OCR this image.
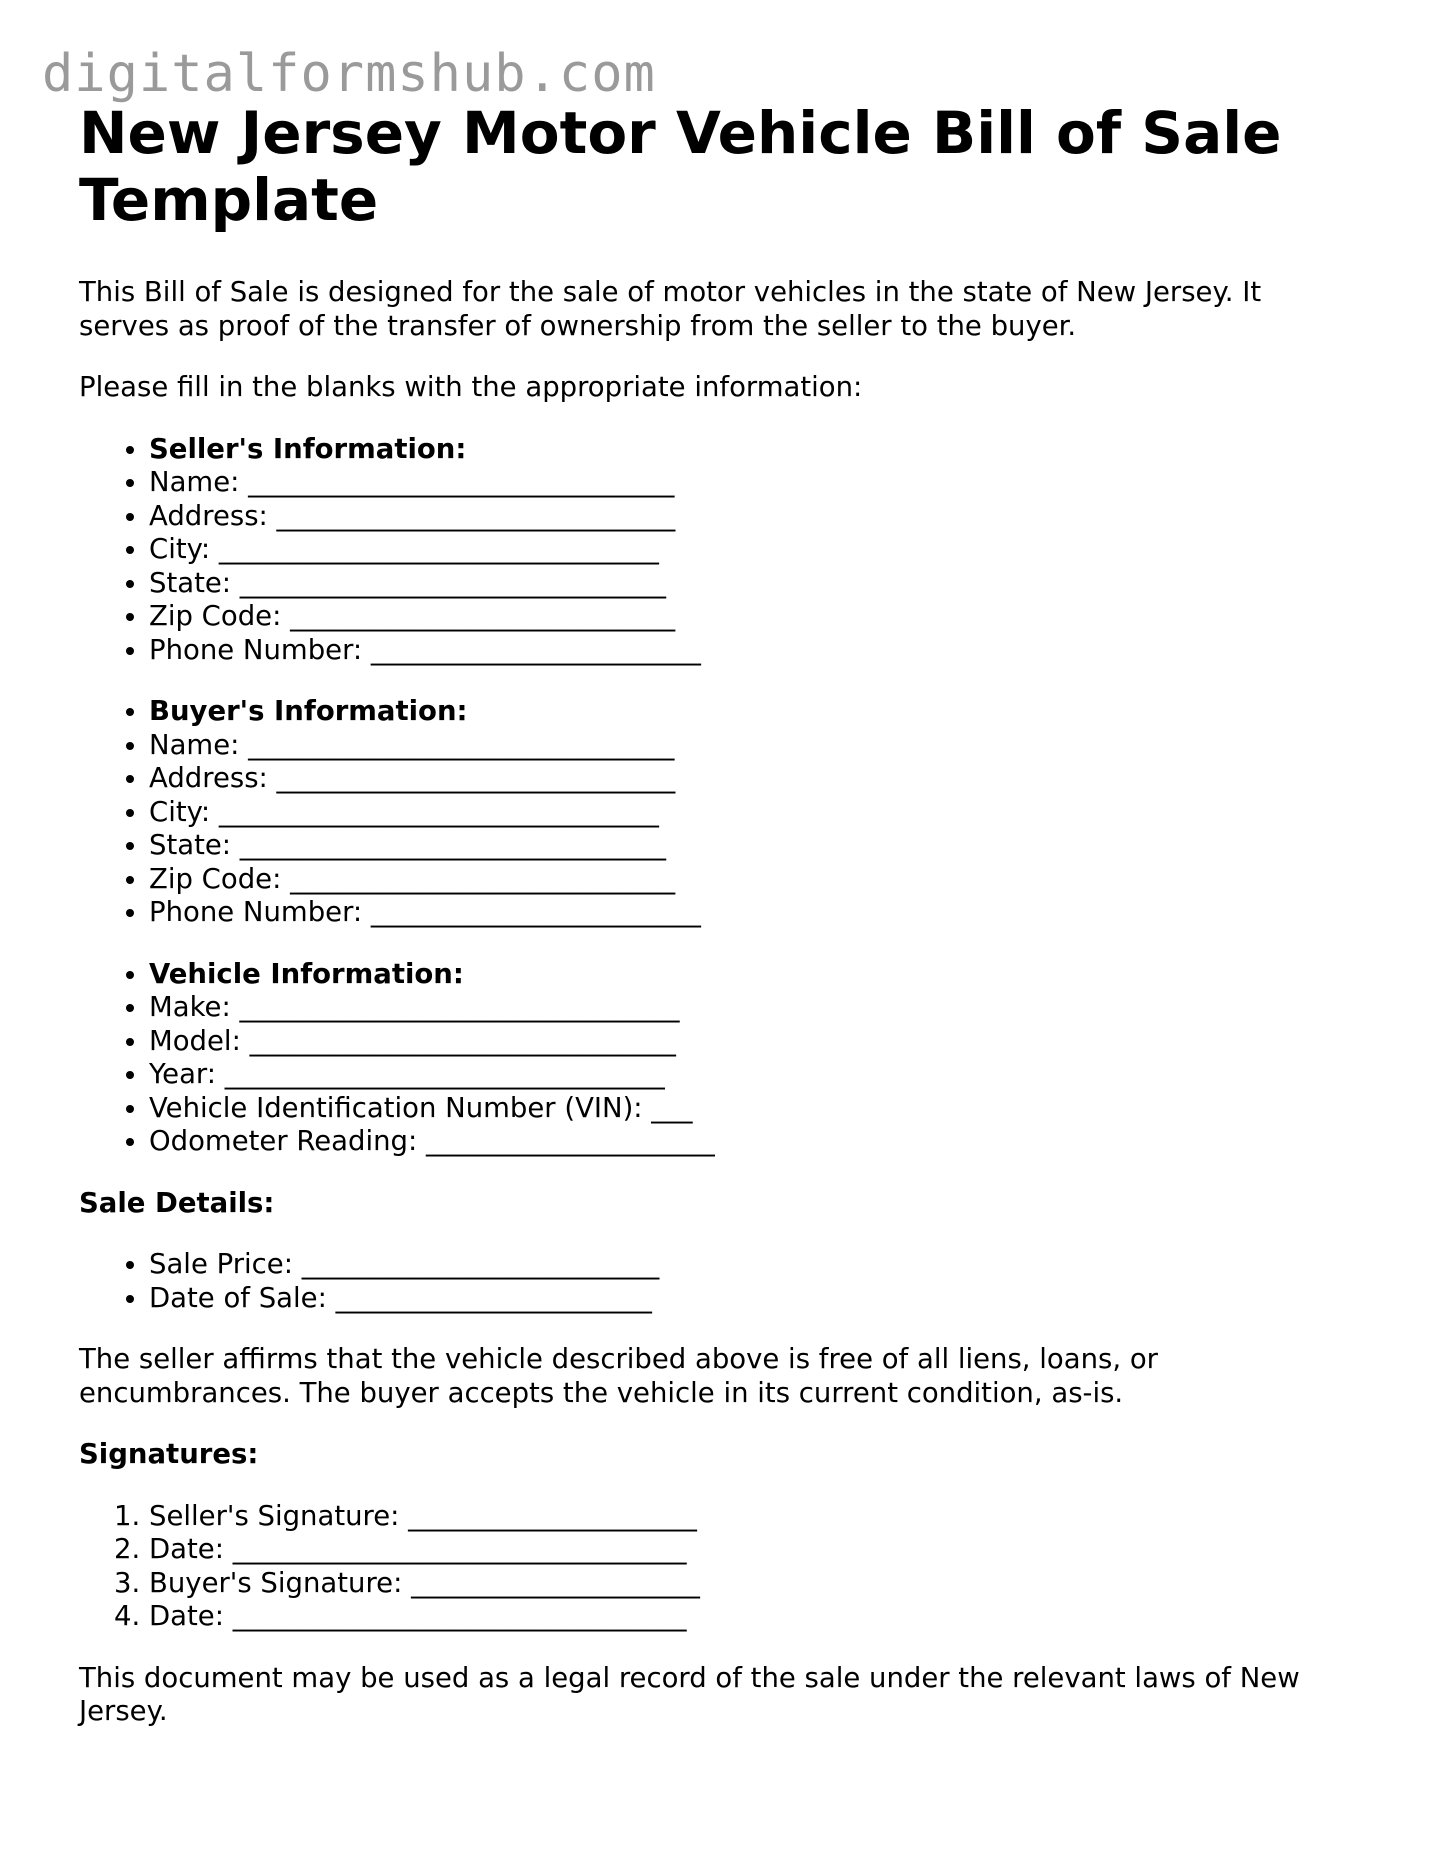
digitalformshub.com
New Jersey Motor Vehicle Bill of Sale Template

This Bill of Sale is designed for the sale of motor vehicles in the state of New Jersey. It serves as proof of the transfer of ownership from the seller to the buyer.

Please fill in the blanks with the appropriate information:

• Seller's Information:
• Name: _______________________________
• Address: _____________________________
• City: ________________________________
• State: _______________________________
• Zip Code: ____________________________
• Phone Number: ________________________
• Buyer's Information:
• Name: _______________________________
• Address: _____________________________
• City: ________________________________
• State: _______________________________
• Zip Code: ____________________________
• Phone Number: ________________________
• Vehicle Information:
• Make: ________________________________
• Model: _______________________________
• Year: ________________________________
• Vehicle Identification Number (VIN): ___
• Odometer Reading: _____________________
Sale Details:
• Sale Price: __________________________
• Date of Sale: _______________________

The seller affirms that the vehicle described above is free of all liens, loans, or encumbrances. The buyer accepts the vehicle in its current condition, as-is.

Signatures:
1. Seller's Signature: _____________________
2. Date: _________________________________
3. Buyer's Signature: _____________________
4. Date: _________________________________

This document may be used as a legal record of the sale under the relevant laws of New Jersey.
